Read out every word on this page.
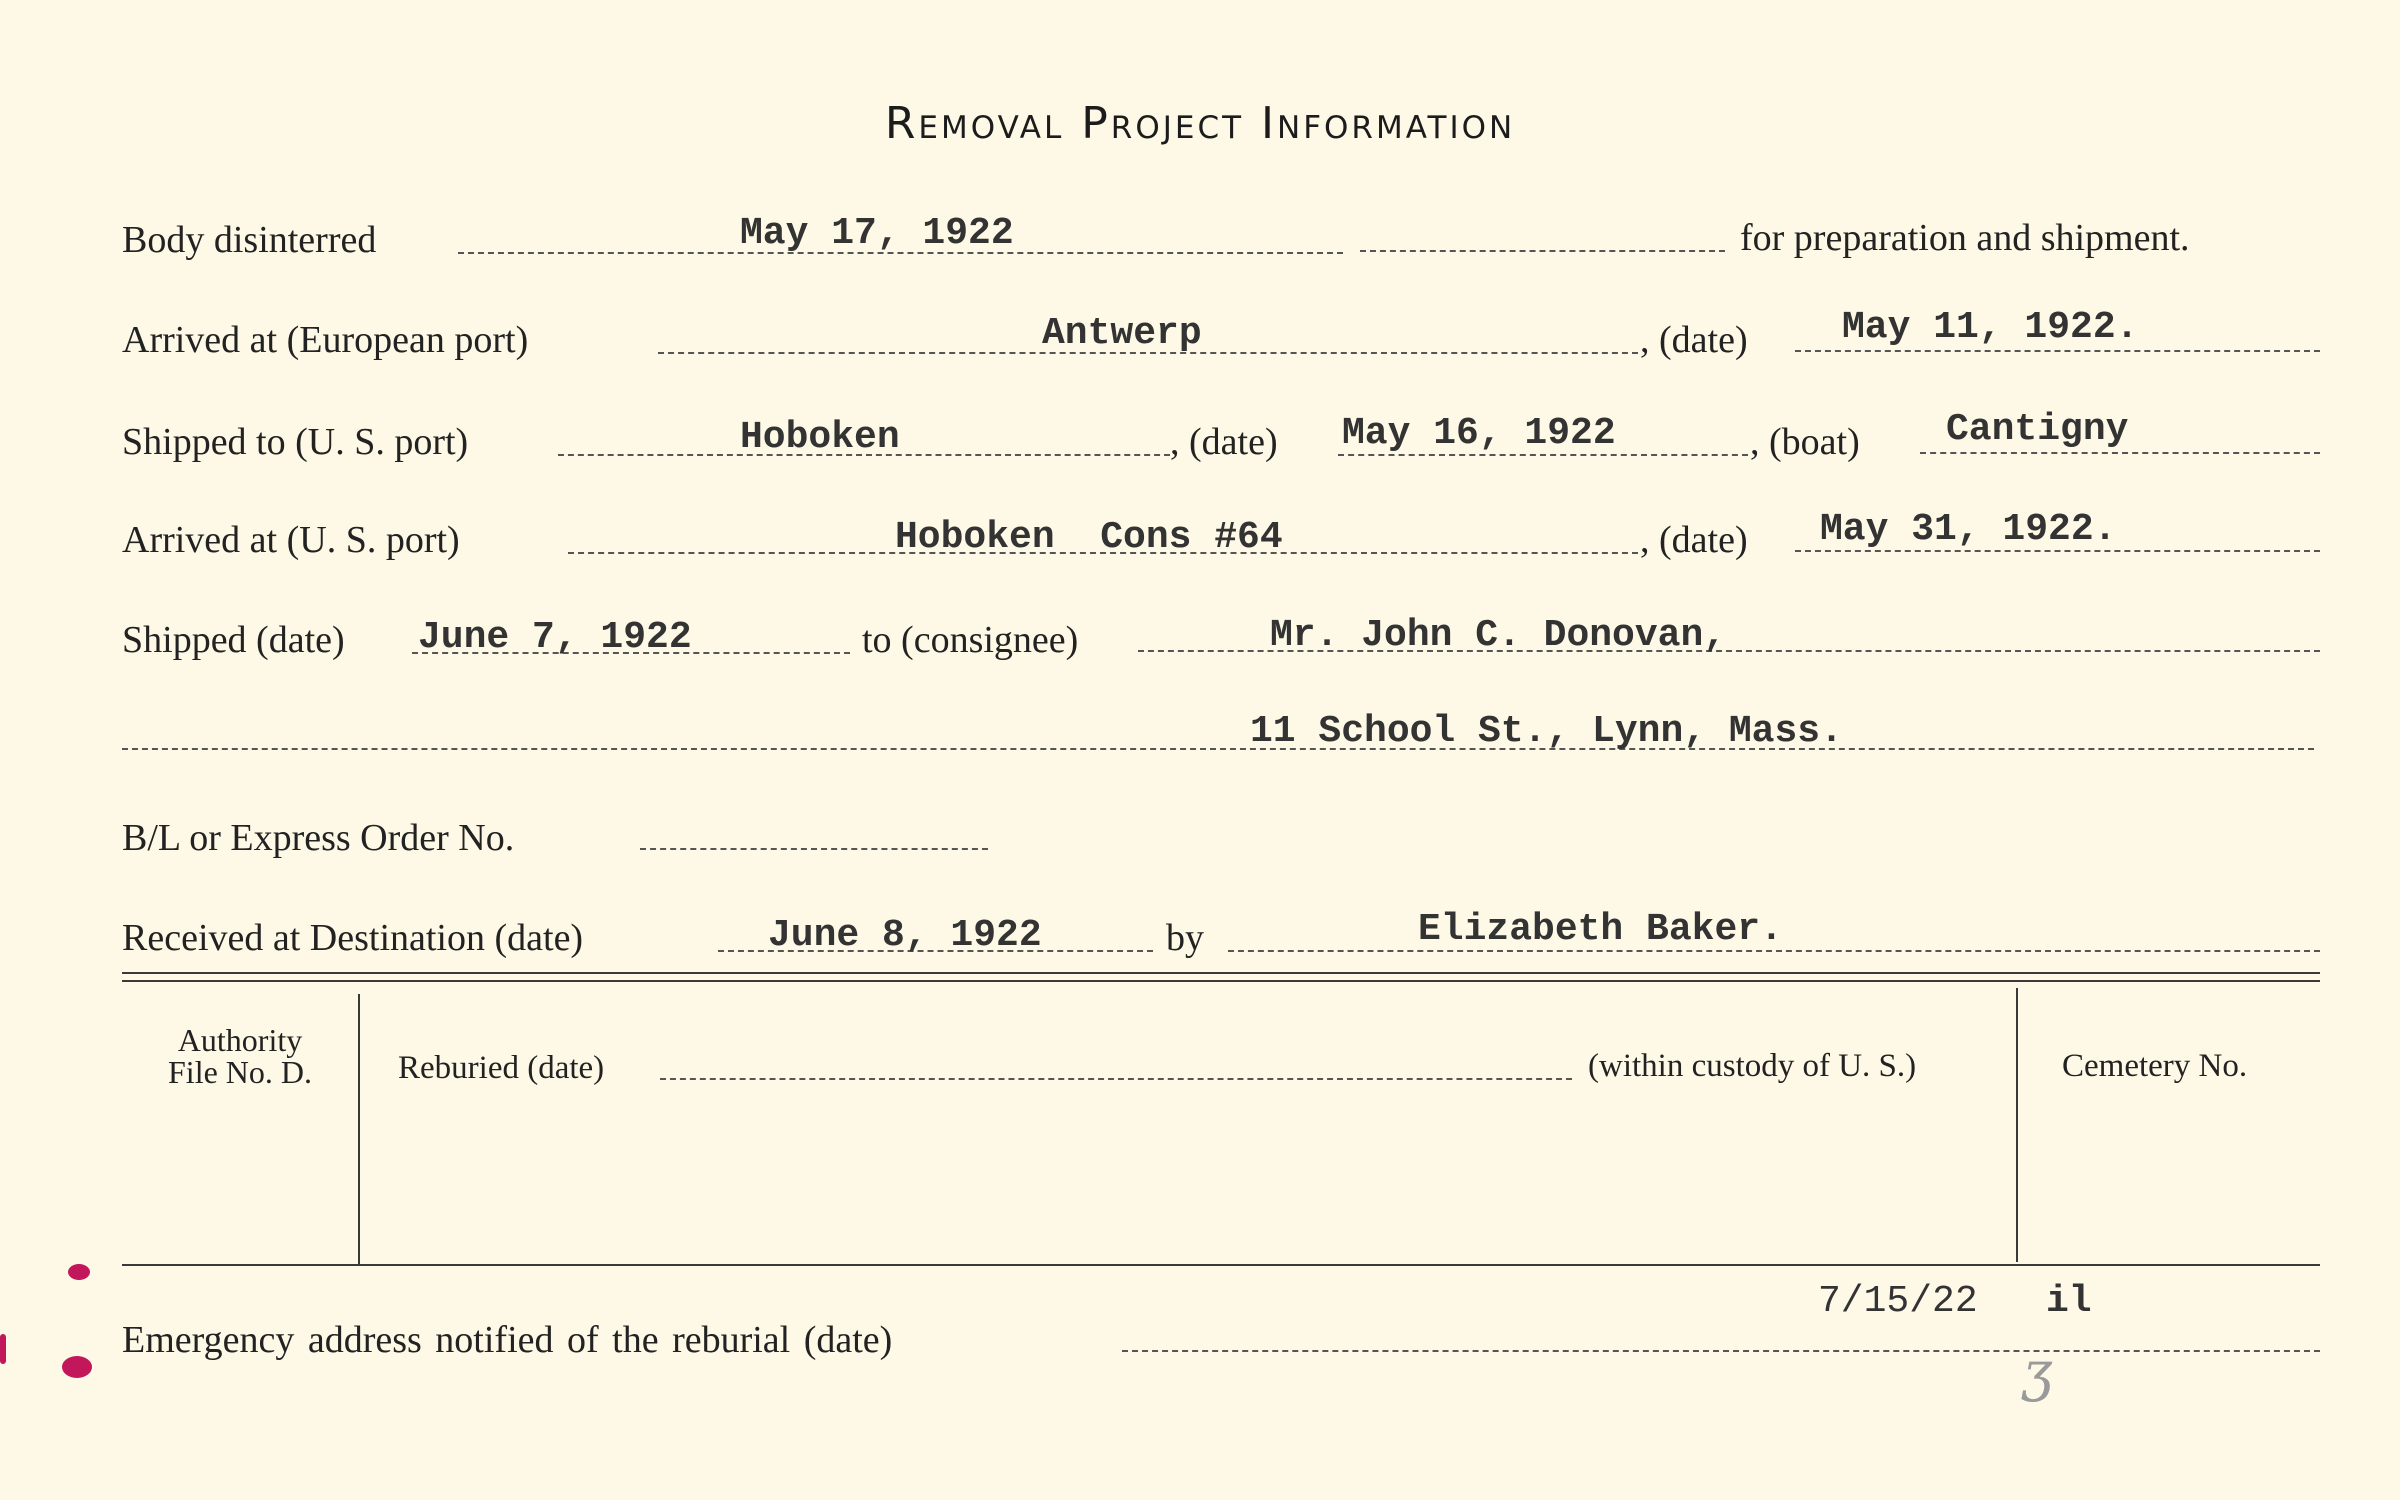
Removal Project Information
Body disinterred	May 17, 1922	for preparation and shipment.
Arrived at (European port)	Antwerp	, (date) May 11, 1922.
Shipped to (U. S. port)	Hoboken	, (date) May 16, 1922	, (boat) Cantigny
Arrived at (U. S. port)	Hoboken  Cons #64	, (date) May 31, 1922.
Shipped (date) June 7, 1922	to (consignee)	Mr. John C. Donovan,
11 School St., Lynn, Mass.
B/L or Express Order No.
Received at Destination (date)	June 8, 1922	by	Elizabeth Baker.
Authority
File No. D.	Reburied (date)	(within custody of U. S.)	Cemetery No.
Emergency address notified of the reburial (date)
7/15/22 il
ʒ
